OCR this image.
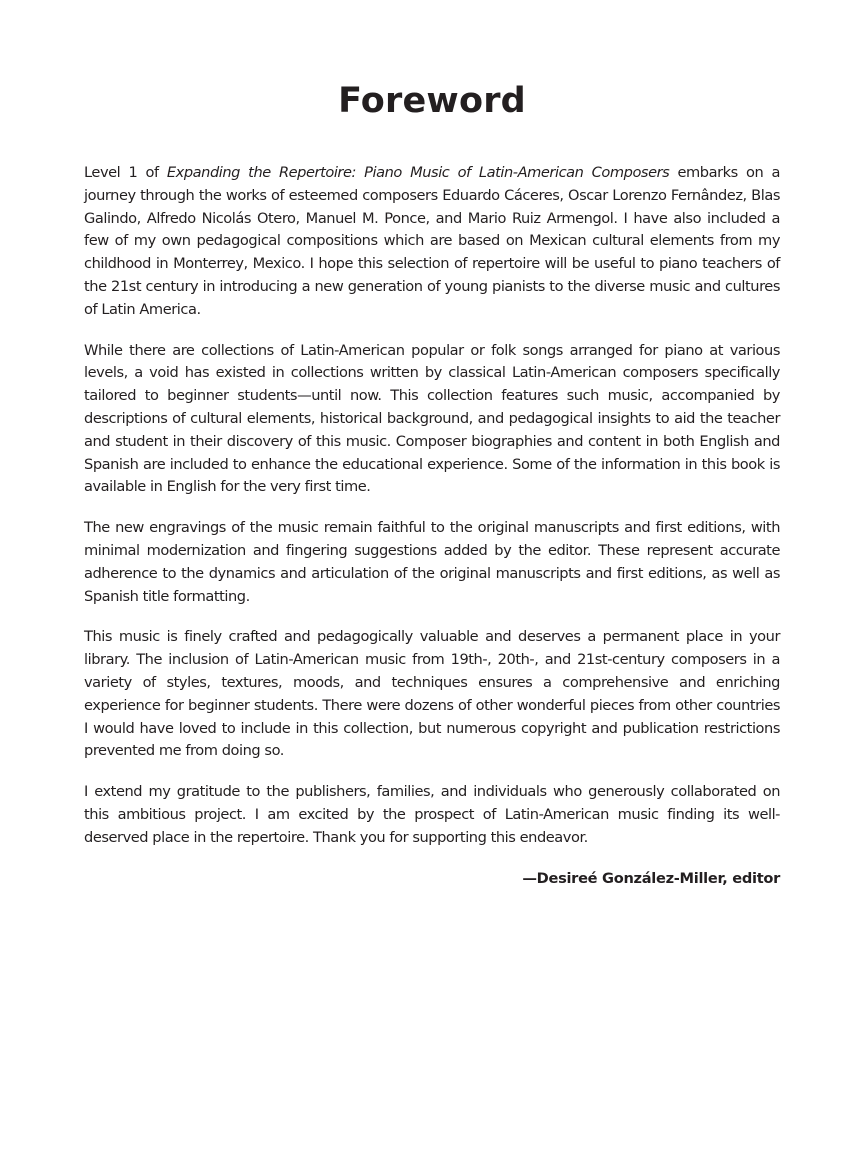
Foreword

Level 1 of Expanding the Repertoire: Piano Music of Latin-American Composers embarks on a journey through the works of esteemed composers Eduardo Cáceres, Oscar Lorenzo Fernândez, Blas Galindo, Alfredo Nicolás Otero, Manuel M. Ponce, and Mario Ruiz Armengol. I have also included a few of my own pedagogical compositions which are based on Mexican cultural elements from my childhood in Monterrey, Mexico. I hope this selection of repertoire will be useful to piano teachers of the 21st century in introducing a new generation of young pianists to the diverse music and cultures of Latin America.

While there are collections of Latin-American popular or folk songs arranged for piano at various levels, a void has existed in collections written by classical Latin-American composers specifically tailored to beginner students—until now. This collection features such music, accompanied by descriptions of cultural elements, historical background, and pedagogical insights to aid the teacher and student in their discovery of this music. Composer biographies and content in both English and Spanish are included to enhance the educational experience. Some of the information in this book is available in English for the very first time.

The new engravings of the music remain faithful to the original manuscripts and first editions, with minimal modernization and fingering suggestions added by the editor. These represent accurate adherence to the dynamics and articulation of the original manuscripts and first editions, as well as Spanish title formatting.

This music is finely crafted and pedagogically valuable and deserves a permanent place in your library. The inclusion of Latin-American music from 19th-, 20th-, and 21st-century composers in a variety of styles, textures, moods, and techniques ensures a comprehensive and enriching experience for beginner students. There were dozens of other wonderful pieces from other countries I would have loved to include in this collection, but numerous copyright and publication restrictions prevented me from doing so.

I extend my gratitude to the publishers, families, and individuals who generously collaborated on this ambitious project. I am excited by the prospect of Latin-American music finding its well-deserved place in the repertoire. Thank you for supporting this endeavor.

—Desireé González-Miller, editor
